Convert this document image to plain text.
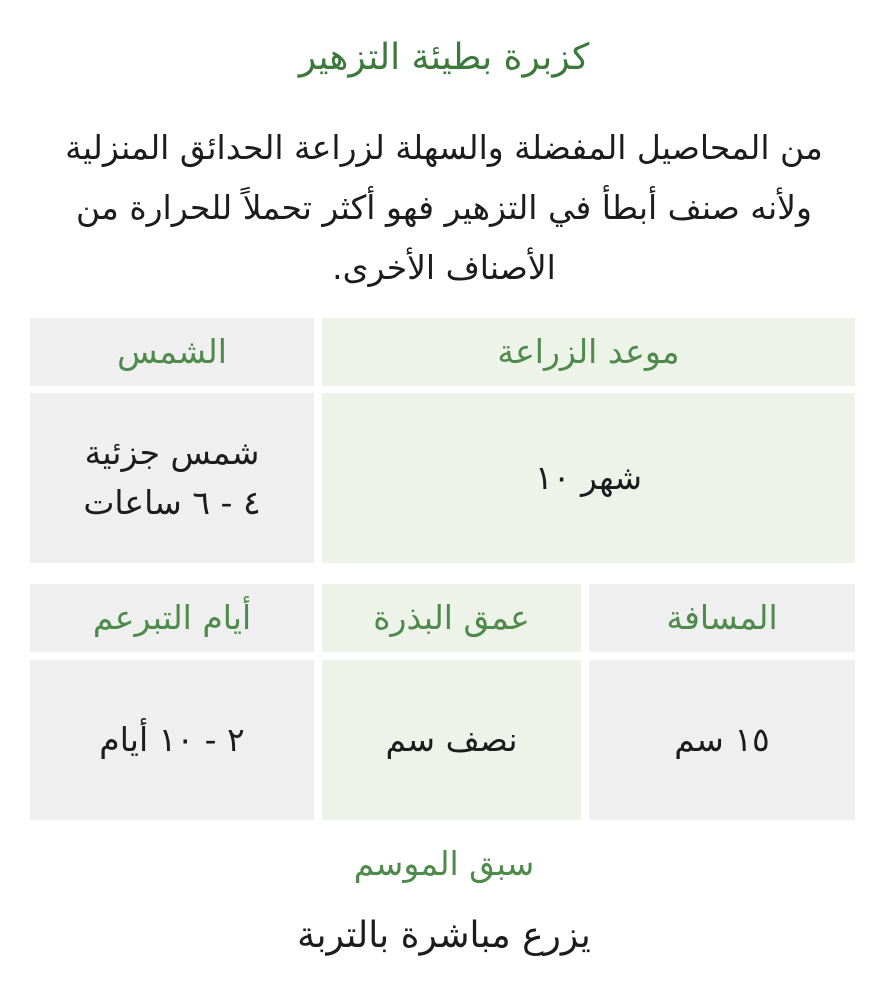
كزبرة بطيئة التزهير
من المحاصيل المفضلة والسهلة لزراعة الحدائق المنزلية ولأنه صنف أبطأ في التزهير فهو أكثر تحملاً للحرارة من الأصناف الأخرى.
موعد الزراعة
الشمس
شهر ١٠
شمس جزئية
٤ - ٦ ساعات
المسافة
عمق البذرة
أيام التبرعم
١٥ سم
نصف سم
٢ - ١٠ أيام
سبق الموسم
يزرع مباشرة بالتربة
